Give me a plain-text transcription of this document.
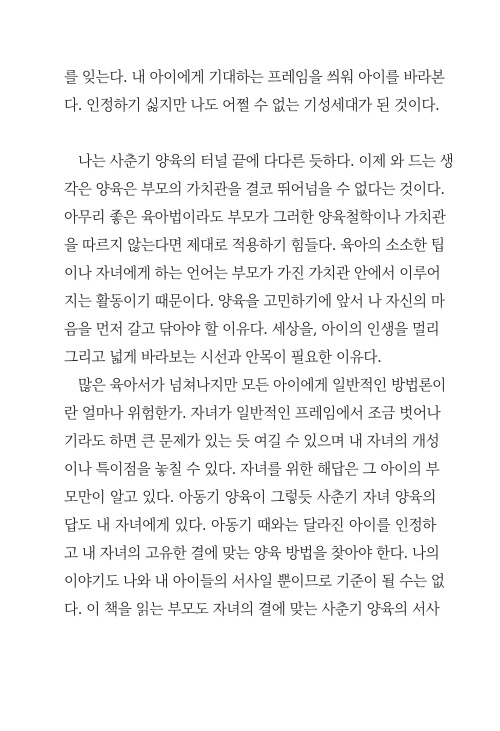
를 잊는다. 내 아이에게 기대하는 프레임을 씌워 아이를 바라본
다. 인정하기 싫지만 나도 어쩔 수 없는 기성세대가 된 것이다.
나는 사춘기 양육의 터널 끝에 다다른 듯하다. 이제 와 드는 생
각은 양육은 부모의 가치관을 결코 뛰어넘을 수 없다는 것이다.
아무리 좋은 육아법이라도 부모가 그러한 양육철학이나 가치관
을 따르지 않는다면 제대로 적용하기 힘들다. 육아의 소소한 팁
이나 자녀에게 하는 언어는 부모가 가진 가치관 안에서 이루어
지는 활동이기 때문이다. 양육을 고민하기에 앞서 나 자신의 마
음을 먼저 갈고 닦아야 할 이유다. 세상을, 아이의 인생을 멀리
그리고 넓게 바라보는 시선과 안목이 필요한 이유다.
많은 육아서가 넘쳐나지만 모든 아이에게 일반적인 방법론이
란 얼마나 위험한가. 자녀가 일반적인 프레임에서 조금 벗어나
기라도 하면 큰 문제가 있는 듯 여길 수 있으며 내 자녀의 개성
이나 특이점을 놓칠 수 있다. 자녀를 위한 해답은 그 아이의 부
모만이 알고 있다. 아동기 양육이 그렇듯 사춘기 자녀 양육의
답도 내 자녀에게 있다. 아동기 때와는 달라진 아이를 인정하
고 내 자녀의 고유한 결에 맞는 양육 방법을 찾아야 한다. 나의
이야기도 나와 내 아이들의 서사일 뿐이므로 기준이 될 수는 없
다. 이 책을 읽는 부모도 자녀의 결에 맞는 사춘기 양육의 서사
